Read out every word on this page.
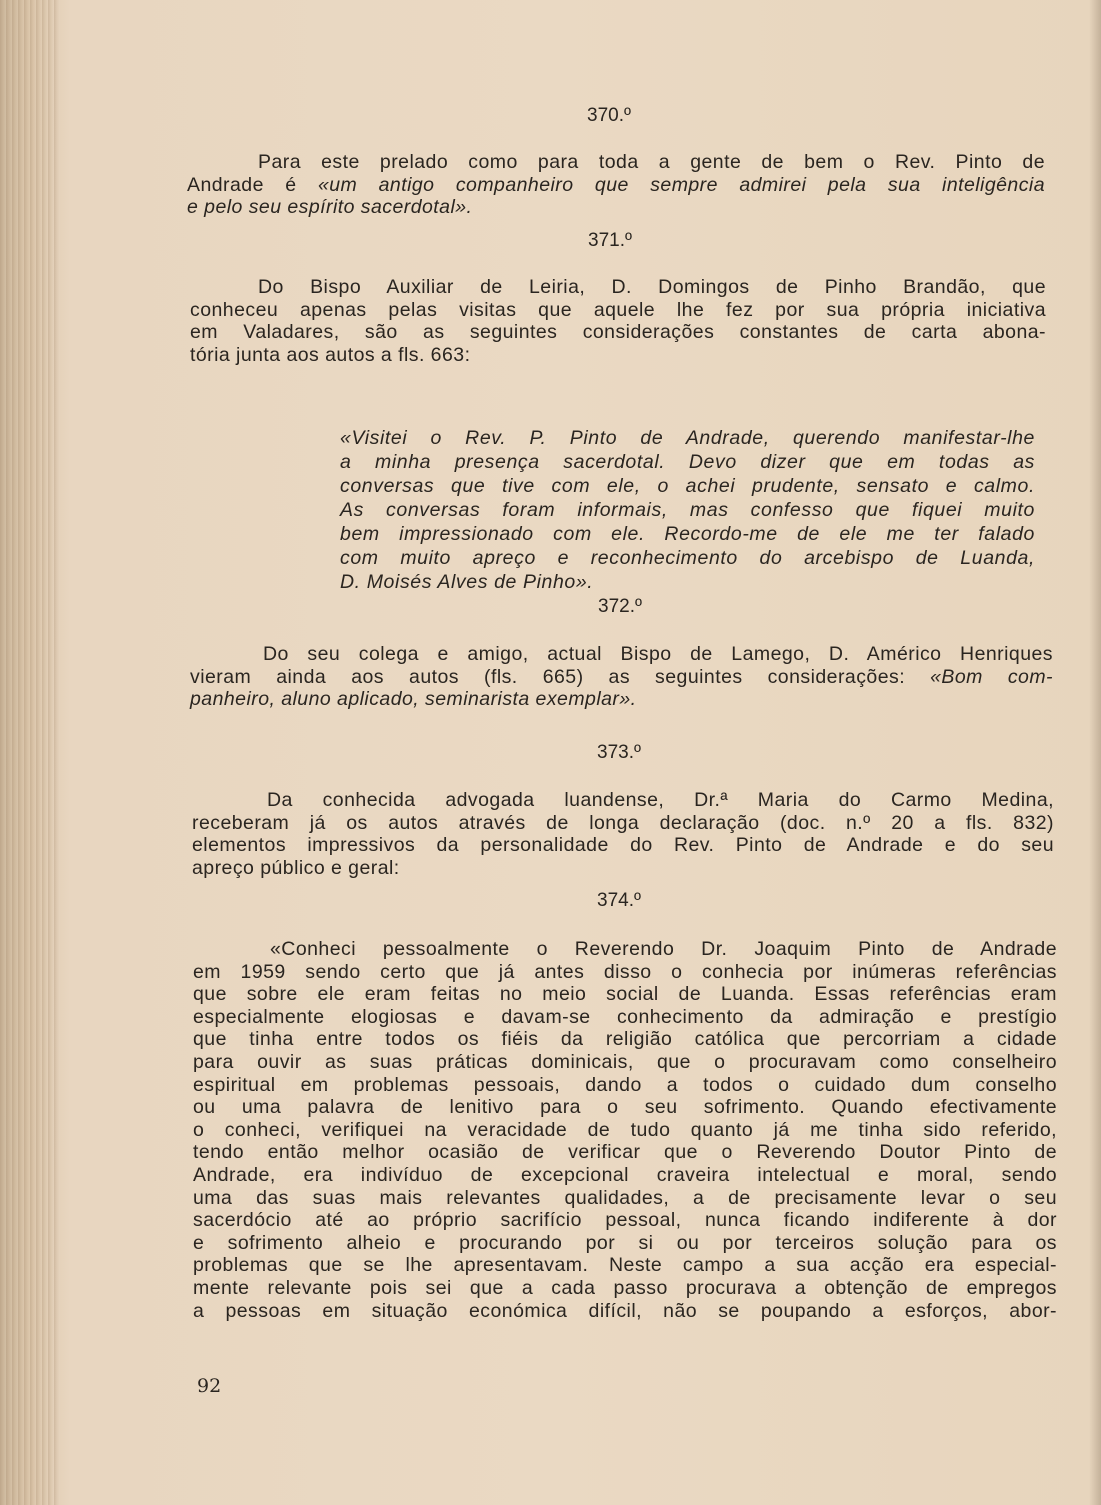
370.º
Para este prelado como para toda a gente de bem o Rev. Pinto de
Andrade é «um antigo companheiro que sempre admirei pela sua inteligência
e pelo seu espírito sacerdotal».
371.º
Do Bispo Auxiliar de Leiria, D. Domingos de Pinho Brandão, que
conheceu apenas pelas visitas que aquele lhe fez por sua própria iniciativa
em Valadares, são as seguintes considerações constantes de carta abona-
tória junta aos autos a fls. 663:
«Visitei o Rev. P. Pinto de Andrade, querendo manifestar-lhe
a minha presença sacerdotal. Devo dizer que em todas as
conversas que tive com ele, o achei prudente, sensato e calmo.
As conversas foram informais, mas confesso que fiquei muito
bem impressionado com ele. Recordo-me de ele me ter falado
com muito apreço e reconhecimento do arcebispo de Luanda,
D. Moisés Alves de Pinho».
372.º
Do seu colega e amigo, actual Bispo de Lamego, D. Américo Henriques
vieram ainda aos autos (fls. 665) as seguintes considerações: «Bom com-
panheiro, aluno aplicado, seminarista exemplar».
373.º
Da conhecida advogada luandense, Dr.ª Maria do Carmo Medina,
receberam já os autos através de longa declaração (doc. n.º 20 a fls. 832)
elementos impressivos da personalidade do Rev. Pinto de Andrade e do seu
apreço público e geral:
374.º
«Conheci pessoalmente o Reverendo Dr. Joaquim Pinto de Andrade
em 1959 sendo certo que já antes disso o conhecia por inúmeras referências
que sobre ele eram feitas no meio social de Luanda. Essas referências eram
especialmente elogiosas e davam-se conhecimento da admiração e prestígio
que tinha entre todos os fiéis da religião católica que percorriam a cidade
para ouvir as suas práticas dominicais, que o procuravam como conselheiro
espiritual em problemas pessoais, dando a todos o cuidado dum conselho
ou uma palavra de lenitivo para o seu sofrimento. Quando efectivamente
o conheci, verifiquei na veracidade de tudo quanto já me tinha sido referido,
tendo então melhor ocasião de verificar que o Reverendo Doutor Pinto de
Andrade, era indivíduo de excepcional craveira intelectual e moral, sendo
uma das suas mais relevantes qualidades, a de precisamente levar o seu
sacerdócio até ao próprio sacrifício pessoal, nunca ficando indiferente à dor
e sofrimento alheio e procurando por si ou por terceiros solução para os
problemas que se lhe apresentavam. Neste campo a sua acção era especial-
mente relevante pois sei que a cada passo procurava a obtenção de empregos
a pessoas em situação económica difícil, não se poupando a esforços, abor-
92
